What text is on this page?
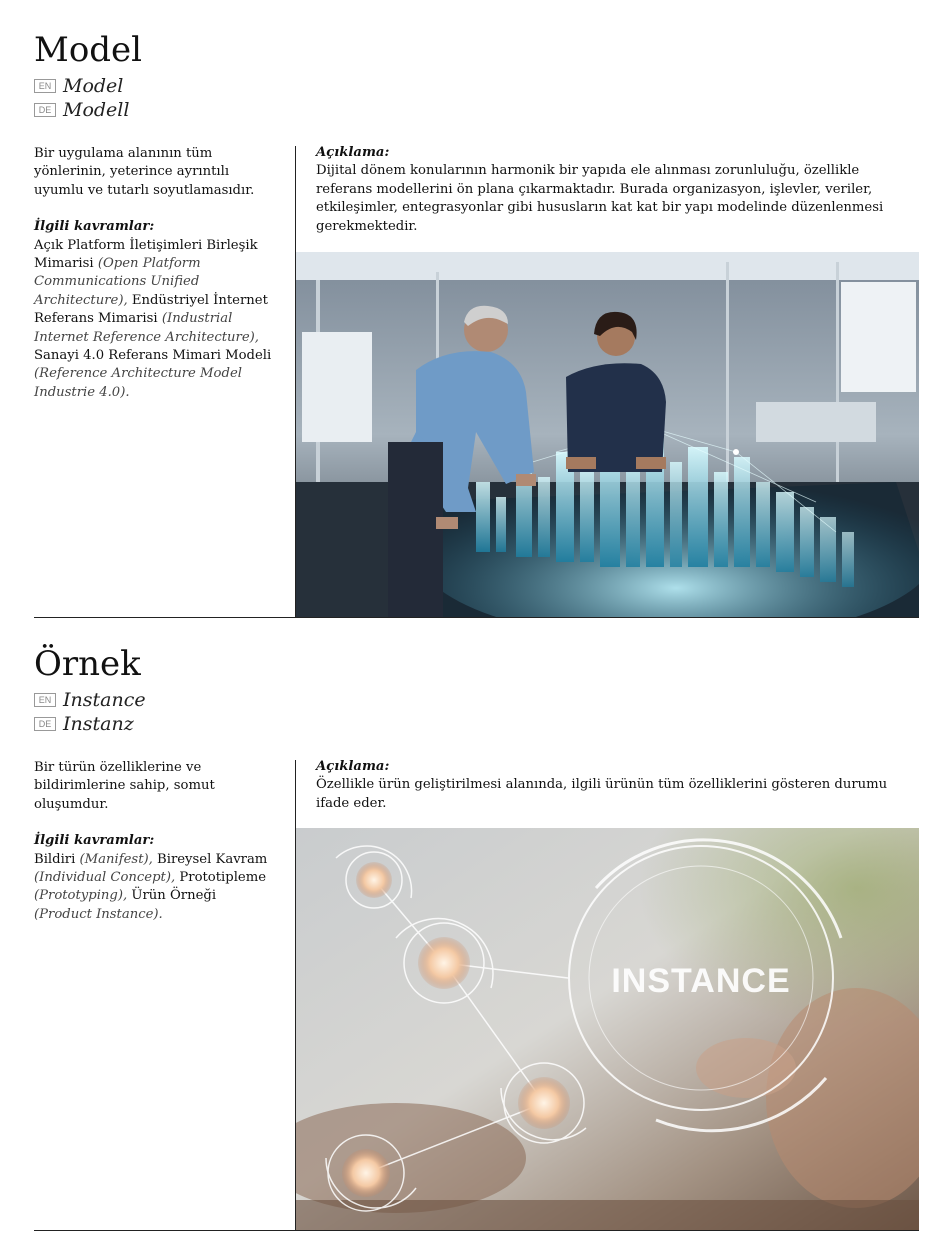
Model
EN Model
DE Modell

Bir uygulama alanının tüm yönlerinin, yeterince ayrıntılı uyumlu ve tutarlı soyutlamasıdır.

İlgili kavramlar:

Açık Platform İletişimleri Birleşik Mimarisi (Open Platform Communications Unified Architecture), Endüstriyel İnternet Referans Mimarisi (Industrial Internet Reference Architecture), Sanayi 4.0 Referans Mimari Modeli (Reference Architecture Model Industrie 4.0).

Açıklama:

Dijital dönem konularının harmonik bir yapıda ele alınması zorunluluğu, özellikle referans modellerini ön plana çıkarmaktadır. Burada organizasyon, işlevler, veriler, etkileşimler, entegrasyonlar gibi hususların kat kat bir yapı modelinde düzenlenmesi gerekmektedir.

Örnek
EN Instance
DE Instanz

Bir türün özelliklerine ve bildirimlerine sahip, somut oluşumdur.

İlgili kavramlar:

Bildiri (Manifest), Bireysel Kavram (Individual Concept), Prototipleme (Prototyping), Ürün Örneği (Product Instance).

Açıklama:

Özellikle ürün geliştirilmesi alanında, ilgili ürünün tüm özelliklerini gösteren durumu ifade eder.

INSTANCE
